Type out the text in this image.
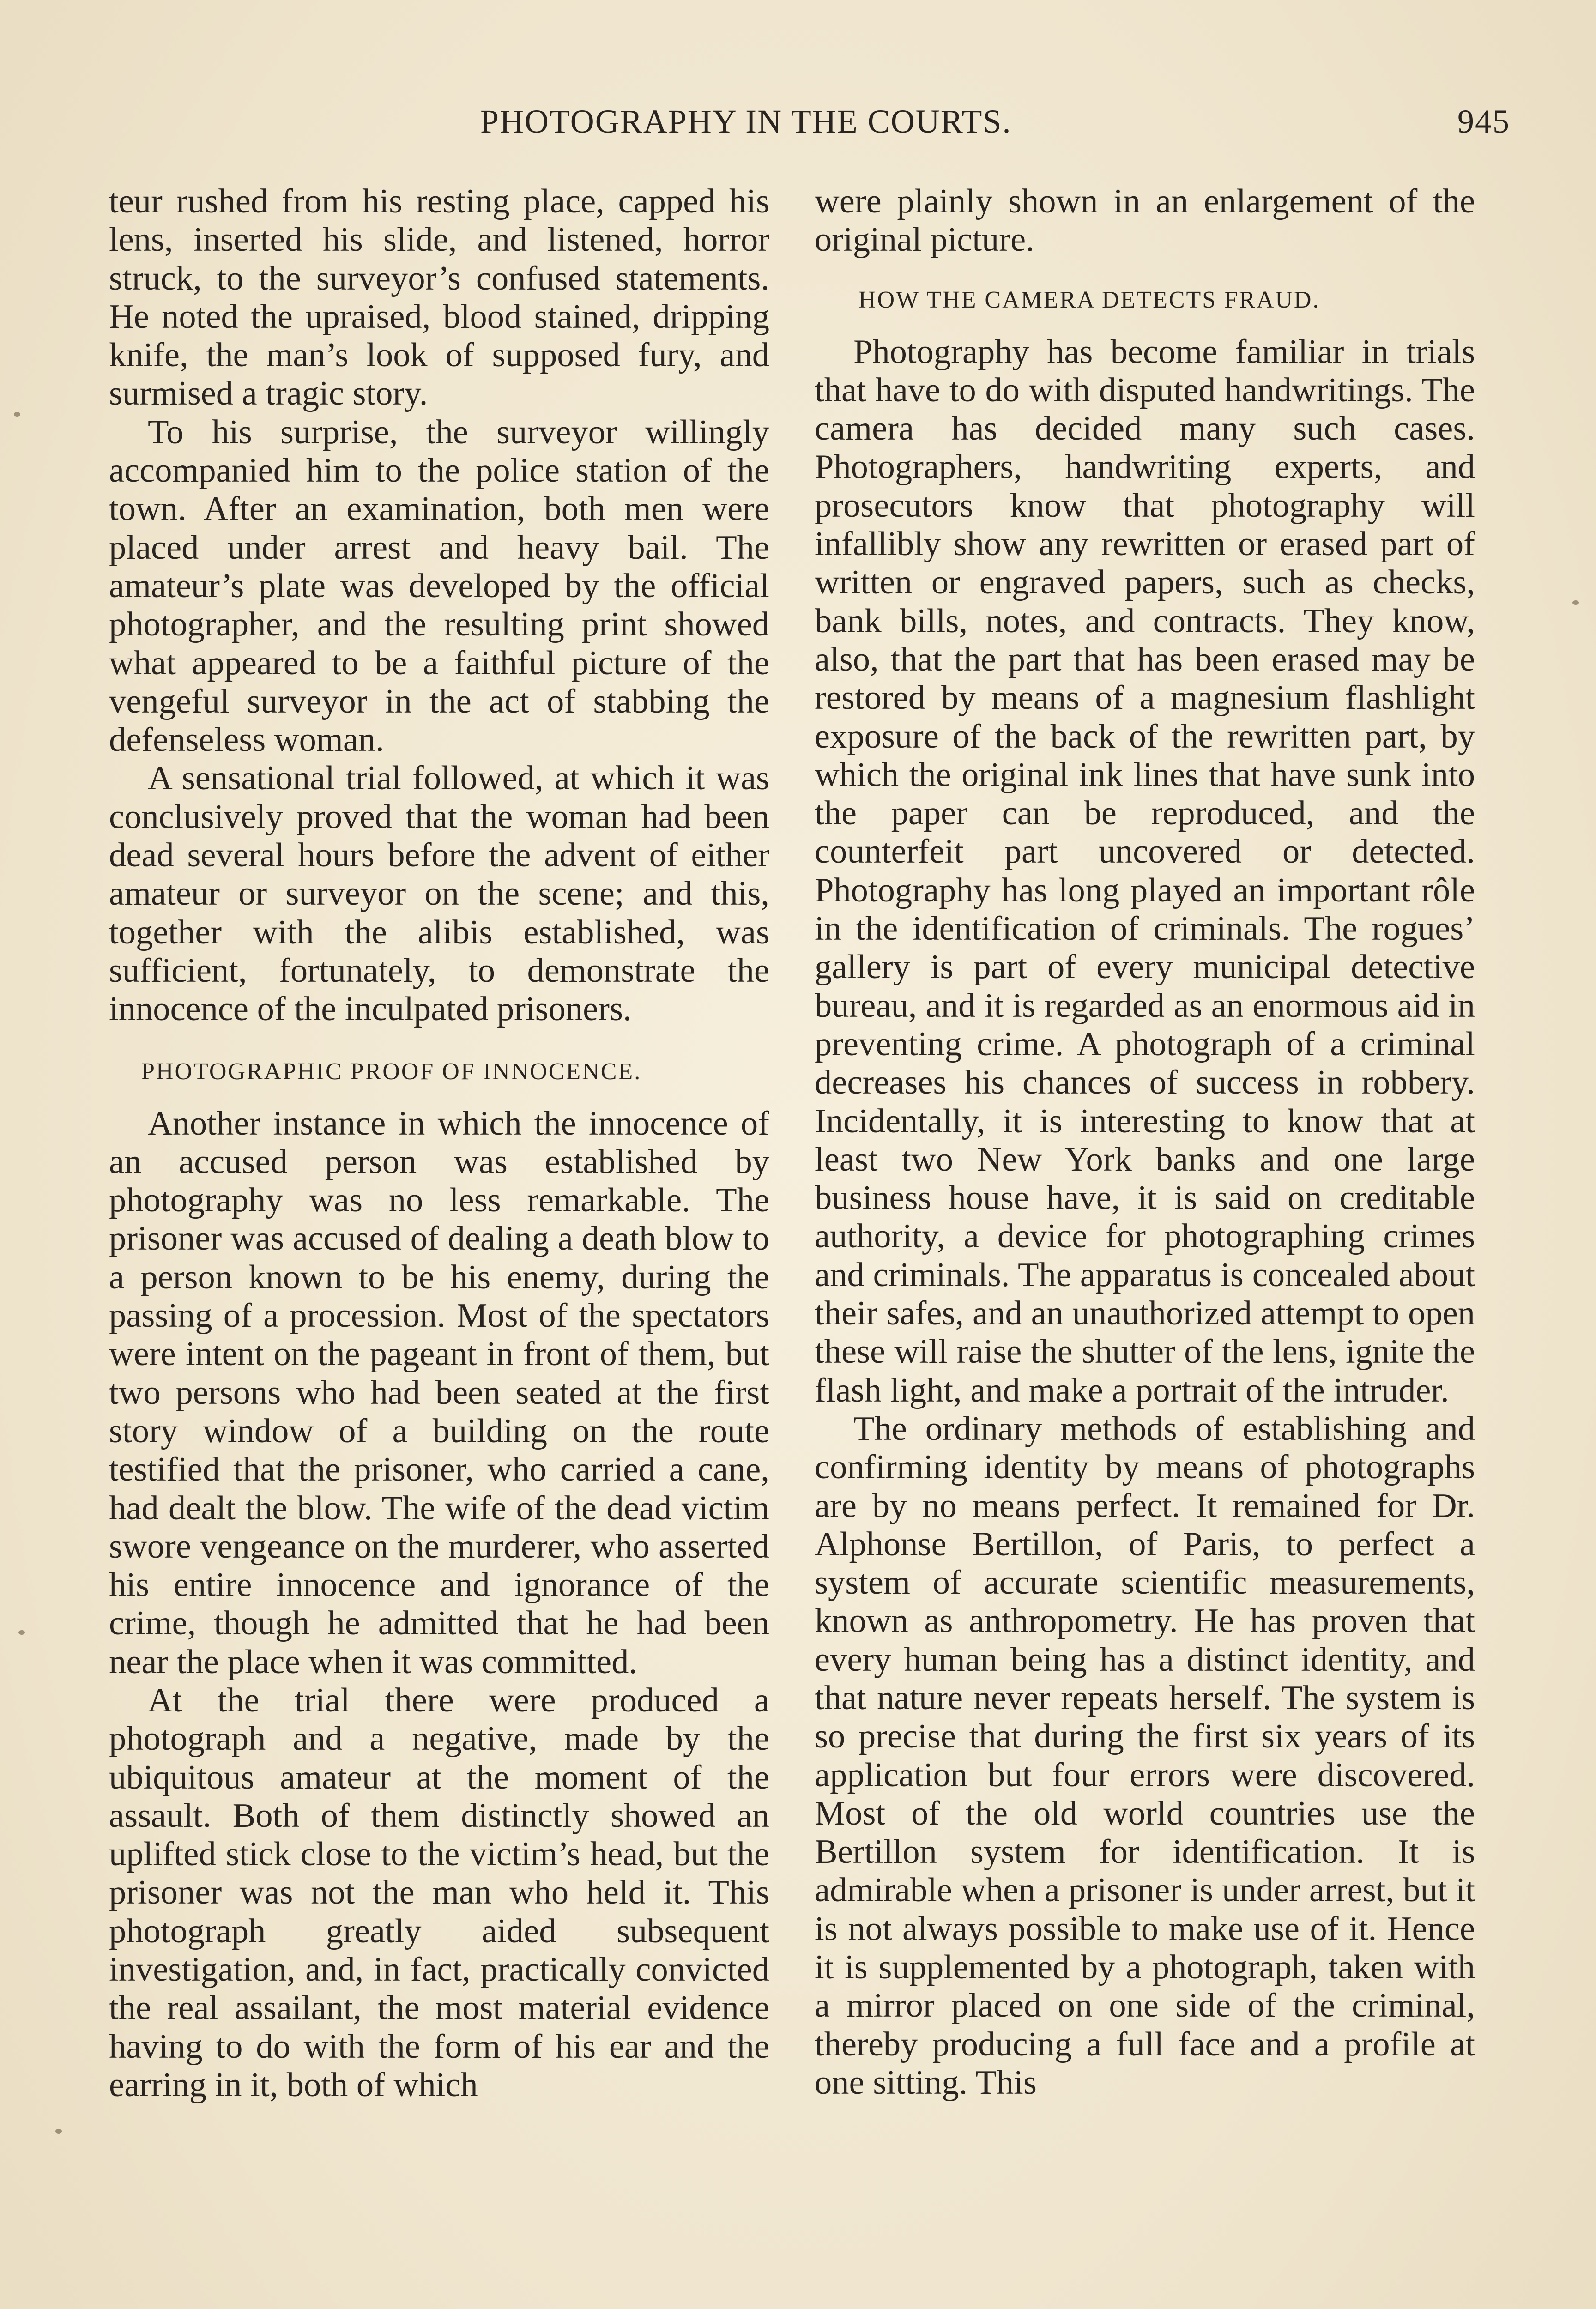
PHOTOGRAPHY IN THE COURTS.	945

teur rushed from his resting place, capped his lens, inserted his slide, and listened, horror struck, to the surveyor’s confused statements. He noted the upraised, blood stained, dripping knife, the man’s look of supposed fury, and surmised a tragic story.

To his surprise, the surveyor willingly accompanied him to the police station of the town. After an examination, both men were placed under arrest and heavy bail. The amateur’s plate was developed by the official photographer, and the resulting print showed what appeared to be a faithful picture of the vengeful surveyor in the act of stabbing the defenseless woman.

A sensational trial followed, at which it was conclusively proved that the woman had been dead several hours before the advent of either amateur or surveyor on the scene; and this, together with the alibis established, was sufficient, fortunately, to demonstrate the innocence of the inculpated prisoners.

PHOTOGRAPHIC PROOF OF INNOCENCE.

Another instance in which the innocence of an accused person was established by photography was no less remarkable. The prisoner was accused of dealing a death blow to a person known to be his enemy, during the passing of a procession. Most of the spectators were intent on the pageant in front of them, but two persons who had been seated at the first story window of a building on the route testified that the prisoner, who carried a cane, had dealt the blow. The wife of the dead victim swore vengeance on the murderer, who asserted his entire innocence and ignorance of the crime, though he admitted that he had been near the place when it was committed.

At the trial there were produced a photograph and a negative, made by the ubiquitous amateur at the moment of the assault. Both of them distinctly showed an uplifted stick close to the victim’s head, but the prisoner was not the man who held it. This photograph greatly aided subsequent investigation, and, in fact, practically convicted the real assailant, the most material evidence having to do with the form of his ear and the earring in it, both of which

were plainly shown in an enlargement of the original picture.

HOW THE CAMERA DETECTS FRAUD.

Photography has become familiar in trials that have to do with disputed handwritings. The camera has decided many such cases. Photographers, handwriting experts, and prosecutors know that photography will infallibly show any rewritten or erased part of written or engraved papers, such as checks, bank bills, notes, and contracts. They know, also, that the part that has been erased may be restored by means of a magnesium flashlight exposure of the back of the rewritten part, by which the original ink lines that have sunk into the paper can be reproduced, and the counterfeit part uncovered or detected. Photography has long played an important rôle in the identification of criminals. The rogues’ gallery is part of every municipal detective bureau, and it is regarded as an enormous aid in preventing crime. A photograph of a criminal decreases his chances of success in robbery. Incidentally, it is interesting to know that at least two New York banks and one large business house have, it is said on creditable authority, a device for photographing crimes and criminals. The apparatus is concealed about their safes, and an unauthorized attempt to open these will raise the shutter of the lens, ignite the flash light, and make a portrait of the intruder.

The ordinary methods of establishing and confirming identity by means of photographs are by no means perfect. It remained for Dr. Alphonse Bertillon, of Paris, to perfect a system of accurate scientific measurements, known as anthropometry. He has proven that every human being has a distinct identity, and that nature never repeats herself. The system is so precise that during the first six years of its application but four errors were discovered. Most of the old world countries use the Bertillon system for identification. It is admirable when a prisoner is under arrest, but it is not always possible to make use of it. Hence it is supplemented by a photograph, taken with a mirror placed on one side of the criminal, thereby producing a full face and a profile at one sitting. This
